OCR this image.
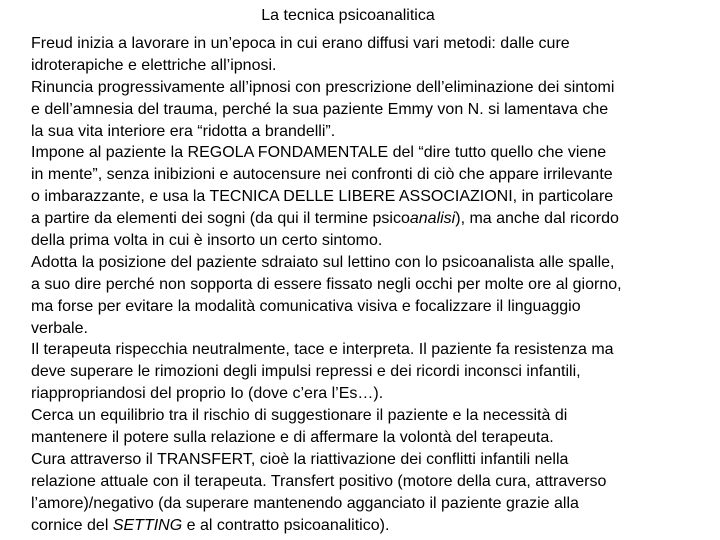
La tecnica psicoanalitica
Freud inizia a lavorare in un’epoca in cui erano diffusi vari metodi: dalle cure
idroterapiche e elettriche all’ipnosi.
Rinuncia progressivamente all’ipnosi con prescrizione dell’eliminazione dei sintomi
e dell’amnesia del trauma, perché la sua paziente Emmy von N. si lamentava che
la sua vita interiore era “ridotta a brandelli”.
Impone al paziente la REGOLA FONDAMENTALE del “dire tutto quello che viene
in mente”, senza inibizioni e autocensure nei confronti di ciò che appare irrilevante
o imbarazzante, e usa la TECNICA DELLE LIBERE ASSOCIAZIONI, in particolare
a partire da elementi dei sogni (da qui il termine psicoanalisi), ma anche dal ricordo
della prima volta in cui è insorto un certo sintomo.
Adotta la posizione del paziente sdraiato sul lettino con lo psicoanalista alle spalle,
a suo dire perché non sopporta di essere fissato negli occhi per molte ore al giorno,
ma forse per evitare la modalità comunicativa visiva e focalizzare il linguaggio
verbale.
Il terapeuta rispecchia neutralmente, tace e interpreta. Il paziente fa resistenza ma
deve superare le rimozioni degli impulsi repressi e dei ricordi inconsci infantili,
riappropriandosi del proprio Io (dove c’era l’Es…).
Cerca un equilibrio tra il rischio di suggestionare il paziente e la necessità di
mantenere il potere sulla relazione e di affermare la volontà del terapeuta.
Cura attraverso il TRANSFERT, cioè la riattivazione dei conflitti infantili nella
relazione attuale con il terapeuta. Transfert positivo (motore della cura, attraverso
l’amore)/negativo (da superare mantenendo agganciato il paziente grazie alla
cornice del SETTING e al contratto psicoanalitico).
